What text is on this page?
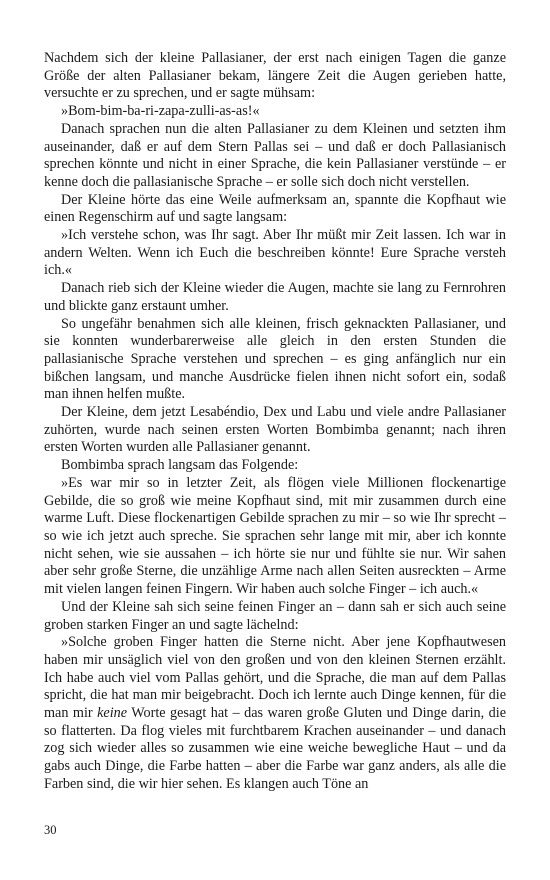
Nachdem sich der kleine Pallasianer, der erst nach einigen Tagen die ganze Größe der alten Pallasianer bekam, längere Zeit die Augen gerieben hatte, versuchte er zu sprechen, und er sagte mühsam:

»Bom-bim-ba-ri-zapa-zulli-as-as!«

Danach sprachen nun die alten Pallasianer zu dem Kleinen und setzten ihm auseinander, daß er auf dem Stern Pallas sei – und daß er doch Pallasianisch sprechen könnte und nicht in einer Sprache, die kein Pallasianer verstünde – er kenne doch die pallasianische Sprache – er solle sich doch nicht verstellen.

Der Kleine hörte das eine Weile aufmerksam an, spannte die Kopfhaut wie einen Regenschirm auf und sagte langsam:

»Ich verstehe schon, was Ihr sagt. Aber Ihr müßt mir Zeit lassen. Ich war in andern Welten. Wenn ich Euch die beschreiben könnte! Eure Sprache versteh ich.«

Danach rieb sich der Kleine wieder die Augen, machte sie lang zu Fernrohren und blickte ganz erstaunt umher.

So ungefähr benahmen sich alle kleinen, frisch geknackten Pallasianer, und sie konnten wunderbarerweise alle gleich in den ersten Stunden die pallasianische Sprache verstehen und sprechen – es ging anfänglich nur ein bißchen langsam, und manche Ausdrücke fielen ihnen nicht sofort ein, sodaß man ihnen helfen mußte.

Der Kleine, dem jetzt Lesabéndio, Dex und Labu und viele andre Pallasianer zuhörten, wurde nach seinen ersten Worten Bombimba genannt; nach ihren ersten Worten wurden alle Pallasianer genannt.

Bombimba sprach langsam das Folgende:

»Es war mir so in letzter Zeit, als flögen viele Millionen flockenartige Gebilde, die so groß wie meine Kopfhaut sind, mit mir zusammen durch eine warme Luft. Diese flockenartigen Gebilde sprachen zu mir – so wie Ihr sprecht – so wie ich jetzt auch spreche. Sie sprachen sehr lange mit mir, aber ich konnte nicht sehen, wie sie aussahen – ich hörte sie nur und fühlte sie nur. Wir sahen aber sehr große Sterne, die unzählige Arme nach allen Seiten ausreckten – Arme mit vielen langen feinen Fingern. Wir haben auch solche Finger – ich auch.«

Und der Kleine sah sich seine feinen Finger an – dann sah er sich auch seine groben starken Finger an und sagte lächelnd:

»Solche groben Finger hatten die Sterne nicht. Aber jene Kopfhautwesen haben mir unsäglich viel von den großen und von den kleinen Sternen erzählt. Ich habe auch viel vom Pallas gehört, und die Sprache, die man auf dem Pallas spricht, die hat man mir beigebracht. Doch ich lernte auch Dinge kennen, für die man mir keine Worte gesagt hat – das waren große Gluten und Dinge darin, die so flatterten. Da flog vieles mit furchtbarem Krachen auseinander – und danach zog sich wieder alles so zusammen wie eine weiche bewegliche Haut – und da gabs auch Dinge, die Farbe hatten – aber die Farbe war ganz anders, als alle die Farben sind, die wir hier sehen. Es klangen auch Töne an

30
